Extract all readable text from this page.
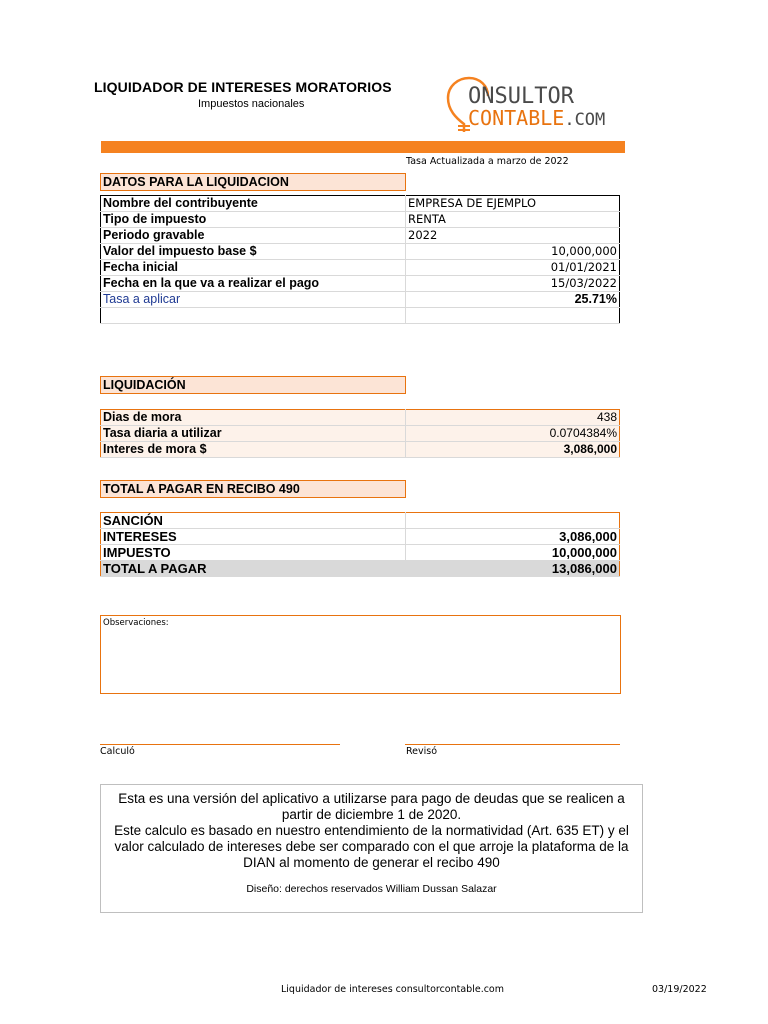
LIQUIDADOR DE INTERESES MORATORIOS
Impuestos nacionales	ONSULTOR
CONTABLE.COM
Tasa Actualizada a marzo de 2022
DATOS PARA LA LIQUIDACION
Nombre del contribuyente	EMPRESA DE EJEMPLO
Tipo de impuesto	RENTA
Periodo gravable	2022
Valor del impuesto base $	10,000,000
Fecha inicial	01/01/2021
Fecha en la que va a realizar el pago	15/03/2022
Tasa a aplicar	25.71%

LIQUIDACIÓN
Dias de mora	438
Tasa diaria a utilizar	0.0704384%
Interes de mora $	3,086,000
TOTAL A PAGAR EN RECIBO 490
SANCIÓN	
INTERESES	3,086,000
IMPUESTO	10,000,000
TOTAL A PAGAR	13,086,000
Observaciones:
Calculó	Revisó

Esta es una versión del aplicativo a utilizarse para pago de deudas que se realicen a partir de diciembre 1 de 2020.

Este calculo es basado en nuestro entendimiento de la normatividad (Art. 635 ET) y el valor calculado de intereses debe ser comparado con el que arroje la plataforma de la DIAN al momento de generar el recibo 490

Diseño: derechos reservados William Dussan Salazar

Liquidador de intereses consultorcontable.com	03/19/2022
